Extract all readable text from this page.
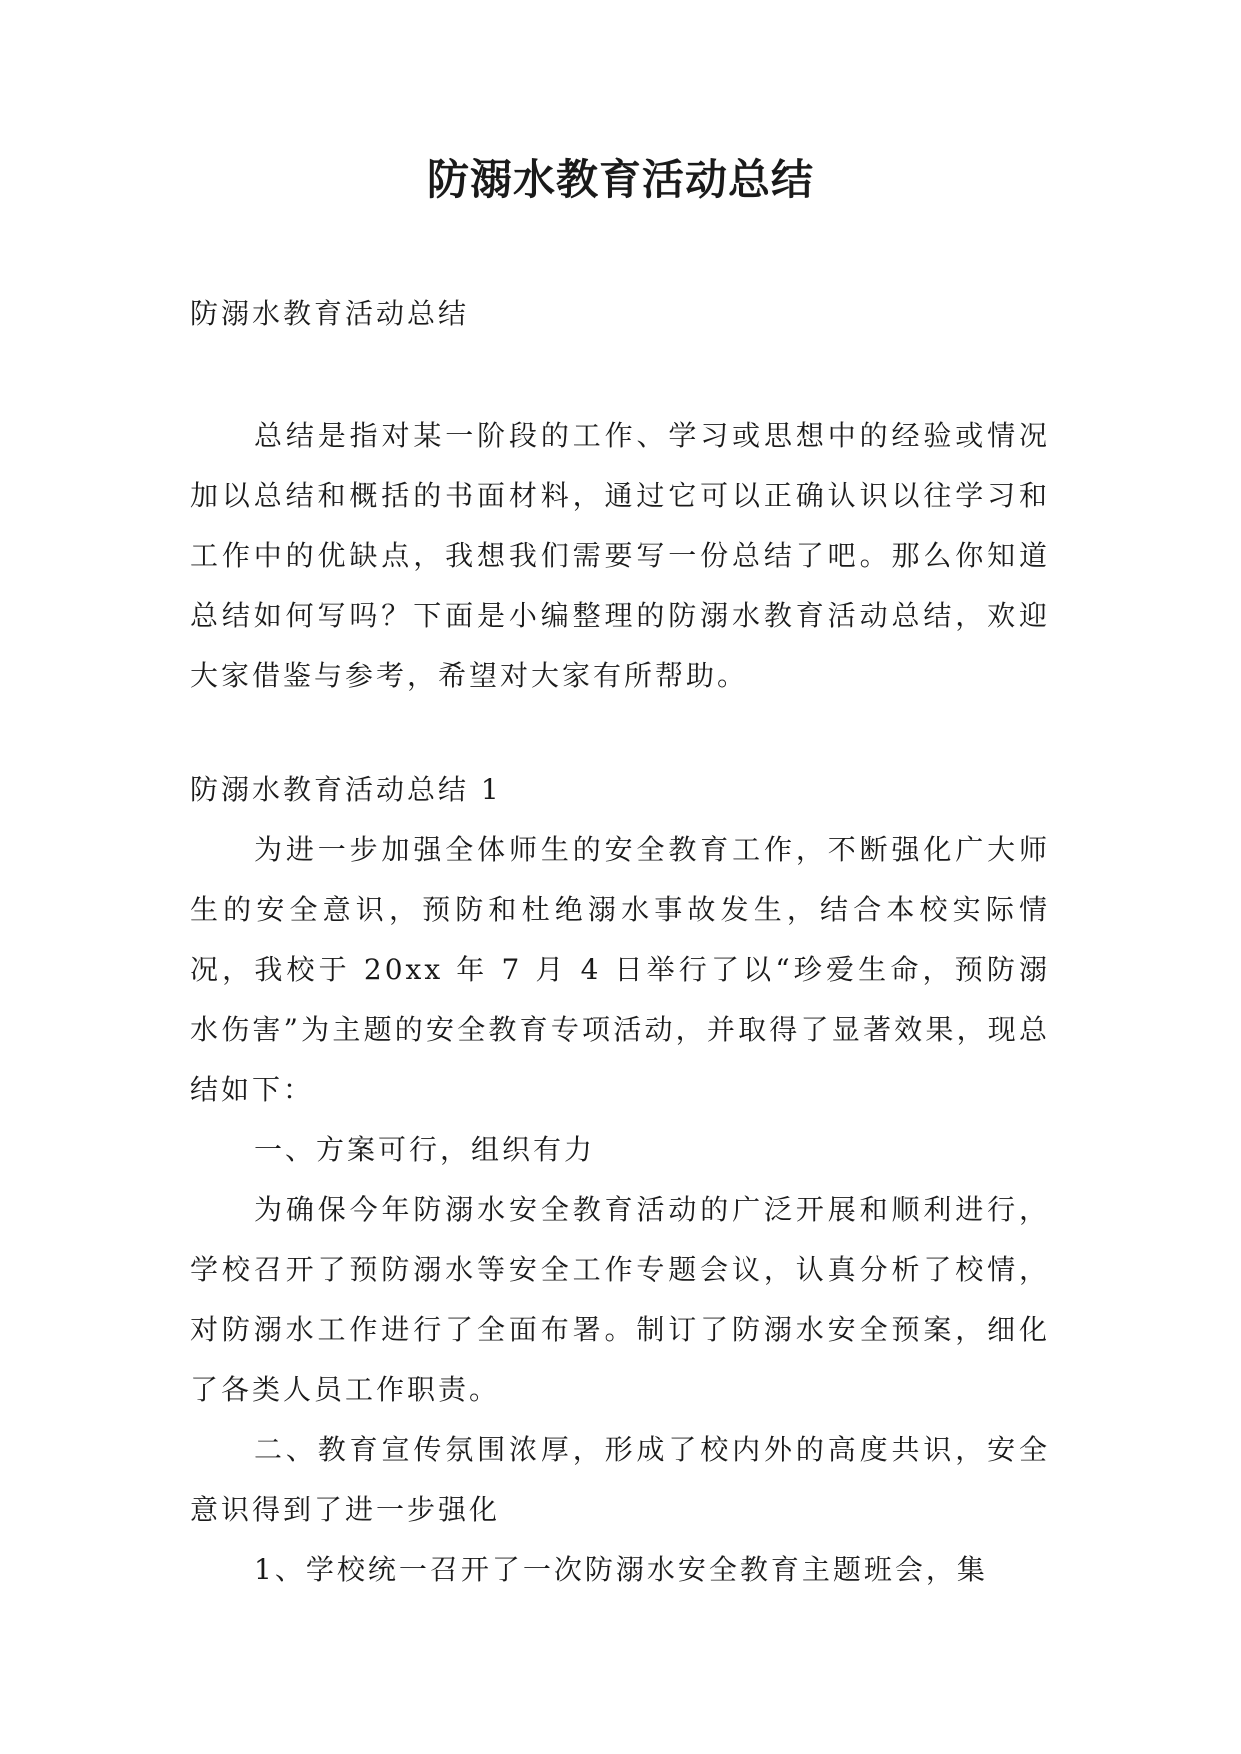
防溺水教育活动总结

防溺水教育活动总结

总结是指对某一阶段的工作、学习或思想中的经验或情况加以总结和概括的书面材料，通过它可以正确认识以往学习和工作中的优缺点，我想我们需要写一份总结了吧。那么你知道总结如何写吗？下面是小编整理的防溺水教育活动总结，欢迎大家借鉴与参考，希望对大家有所帮助。

防溺水教育活动总结 1

为进一步加强全体师生的安全教育工作，不断强化广大师生的安全意识，预防和杜绝溺水事故发生，结合本校实际情况，我校于 20xx 年 7 月 4 日举行了以“珍爱生命，预防溺水伤害”为主题的安全教育专项活动，并取得了显著效果，现总结如下：

一、方案可行，组织有力

为确保今年防溺水安全教育活动的广泛开展和顺利进行，学校召开了预防溺水等安全工作专题会议，认真分析了校情，对防溺水工作进行了全面布署。制订了防溺水安全预案，细化了各类人员工作职责。

二、教育宣传氛围浓厚，形成了校内外的高度共识，安全意识得到了进一步强化

1、学校统一召开了一次防溺水安全教育主题班会，集
